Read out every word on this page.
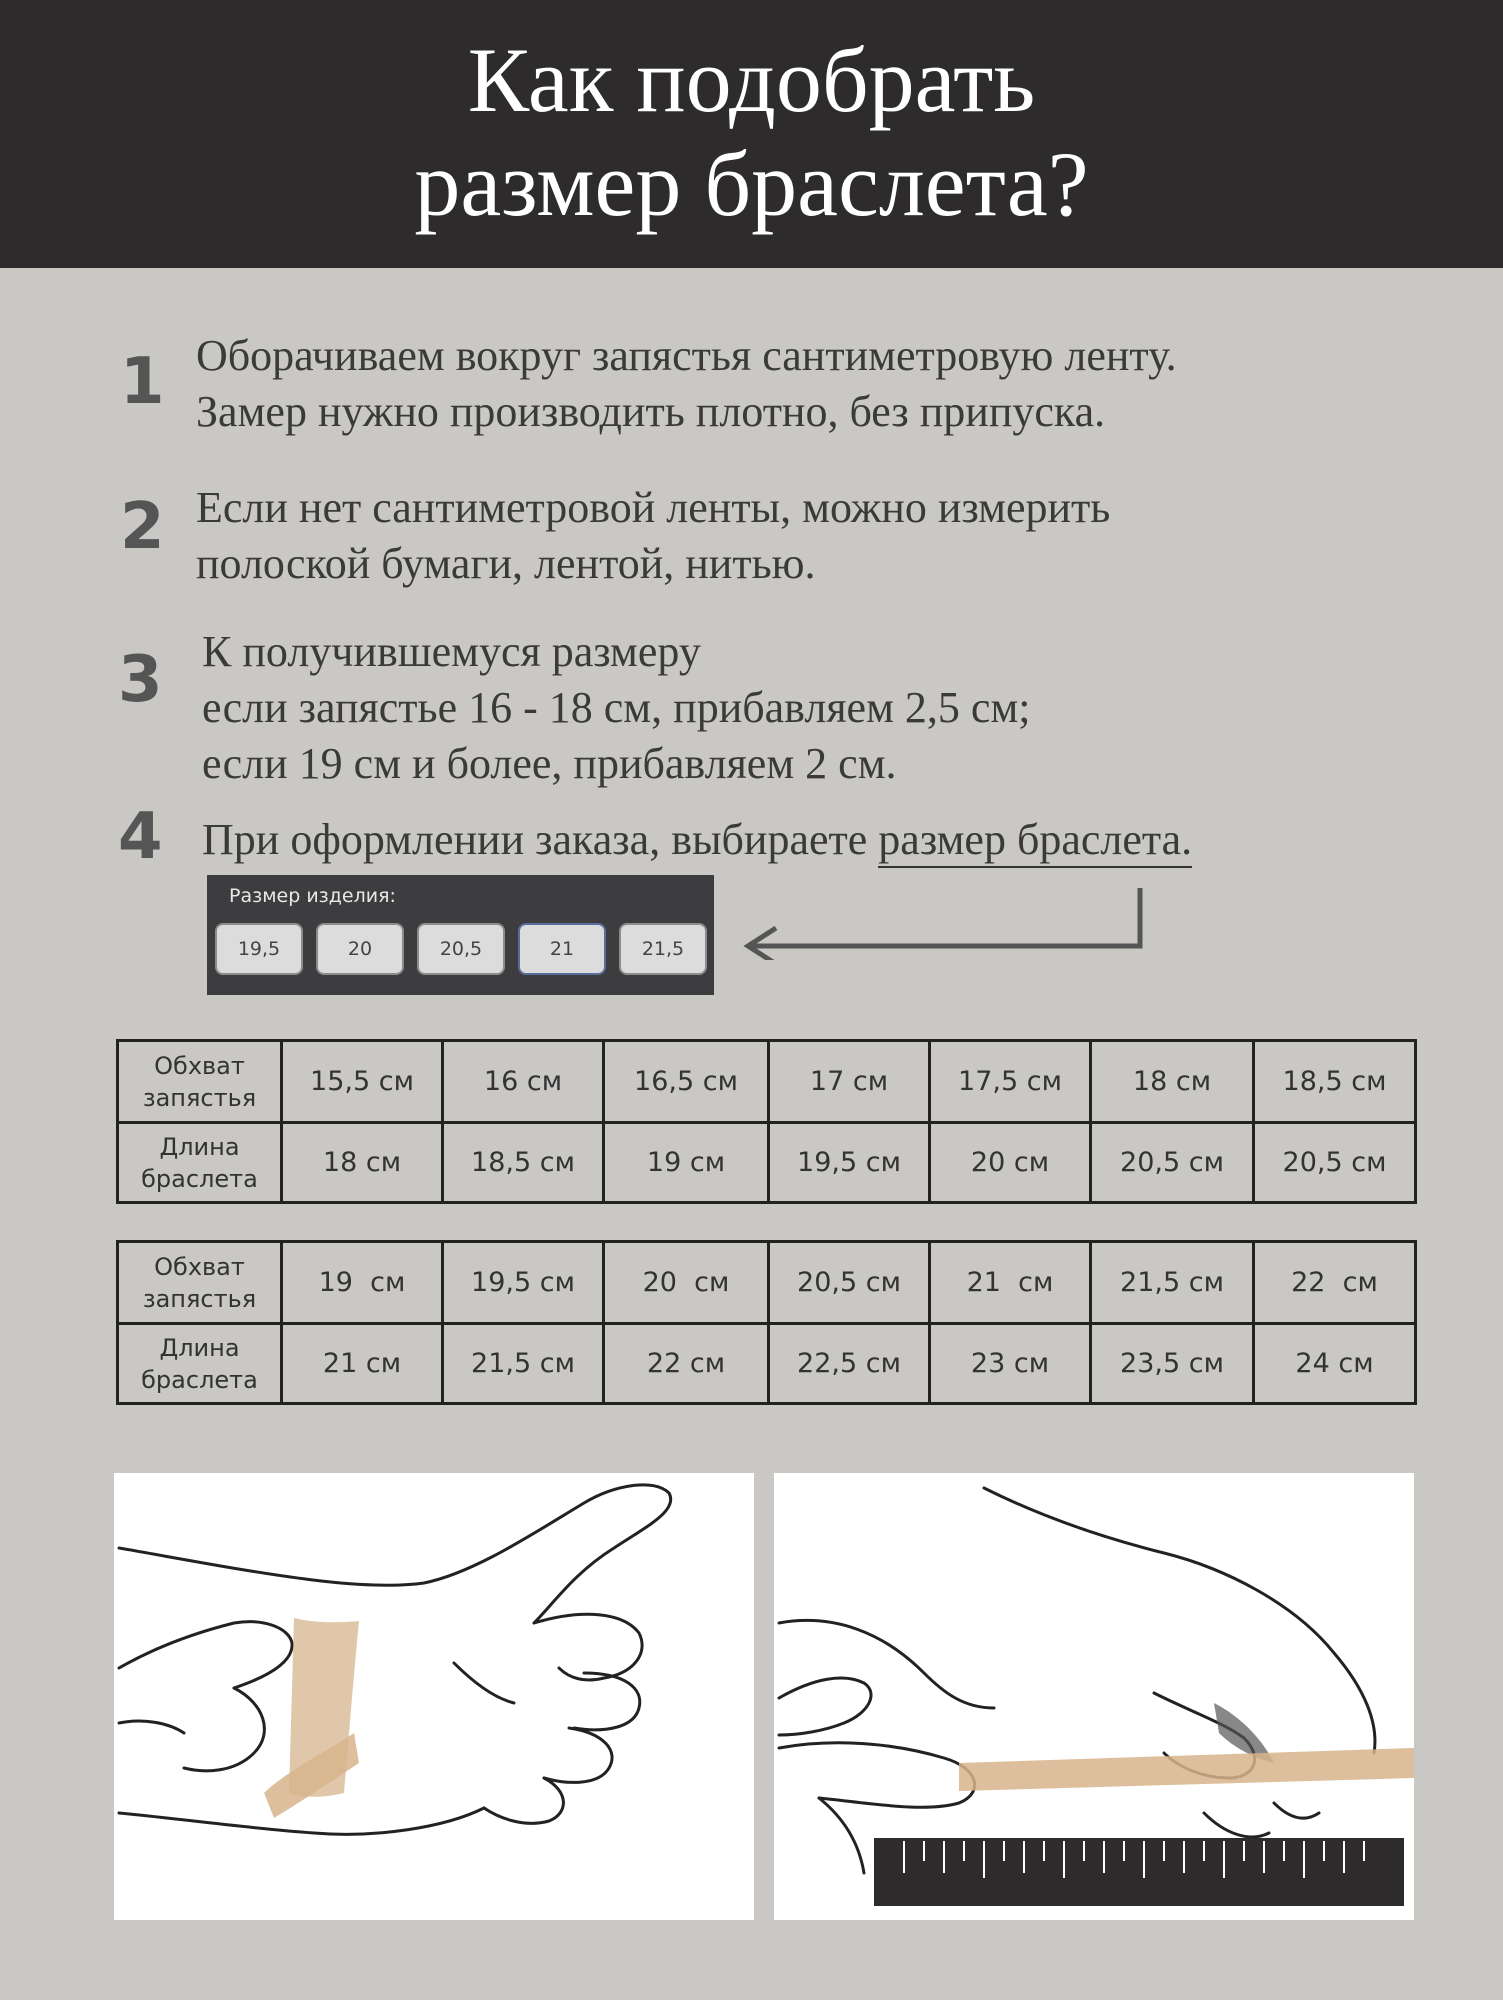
Как подобрать
размер браслета?
1 Оборачиваем вокруг запястья сантиметровую ленту.
Замер нужно производить плотно, без припуска.
2 Если нет сантиметровой ленты, можно измерить
полоской бумаги, лентой, нитью.
3 К получившемуся размеру
если запястье 16 - 18 см, прибавляем 2,5 см;
если 19 см и более, прибавляем 2 см.
4 При оформлении заказа, выбираете размер браслета.
Размер изделия:
19,5	20	20,5	21	21,5
Обхват
запястья	15,5 см	16 см	16,5 см	17 см	17,5 см	18 см	18,5 см
Длина
браслета	18 см	18,5 см	19 см	19,5 см	20 см	20,5 см	20,5 см
Обхват
запястья	19  см	19,5 см	20  см	20,5 см	21  см	21,5 см	22  см
Длина
браслета	21 см	21,5 см	22 см	22,5 см	23 см	23,5 см	24 см
